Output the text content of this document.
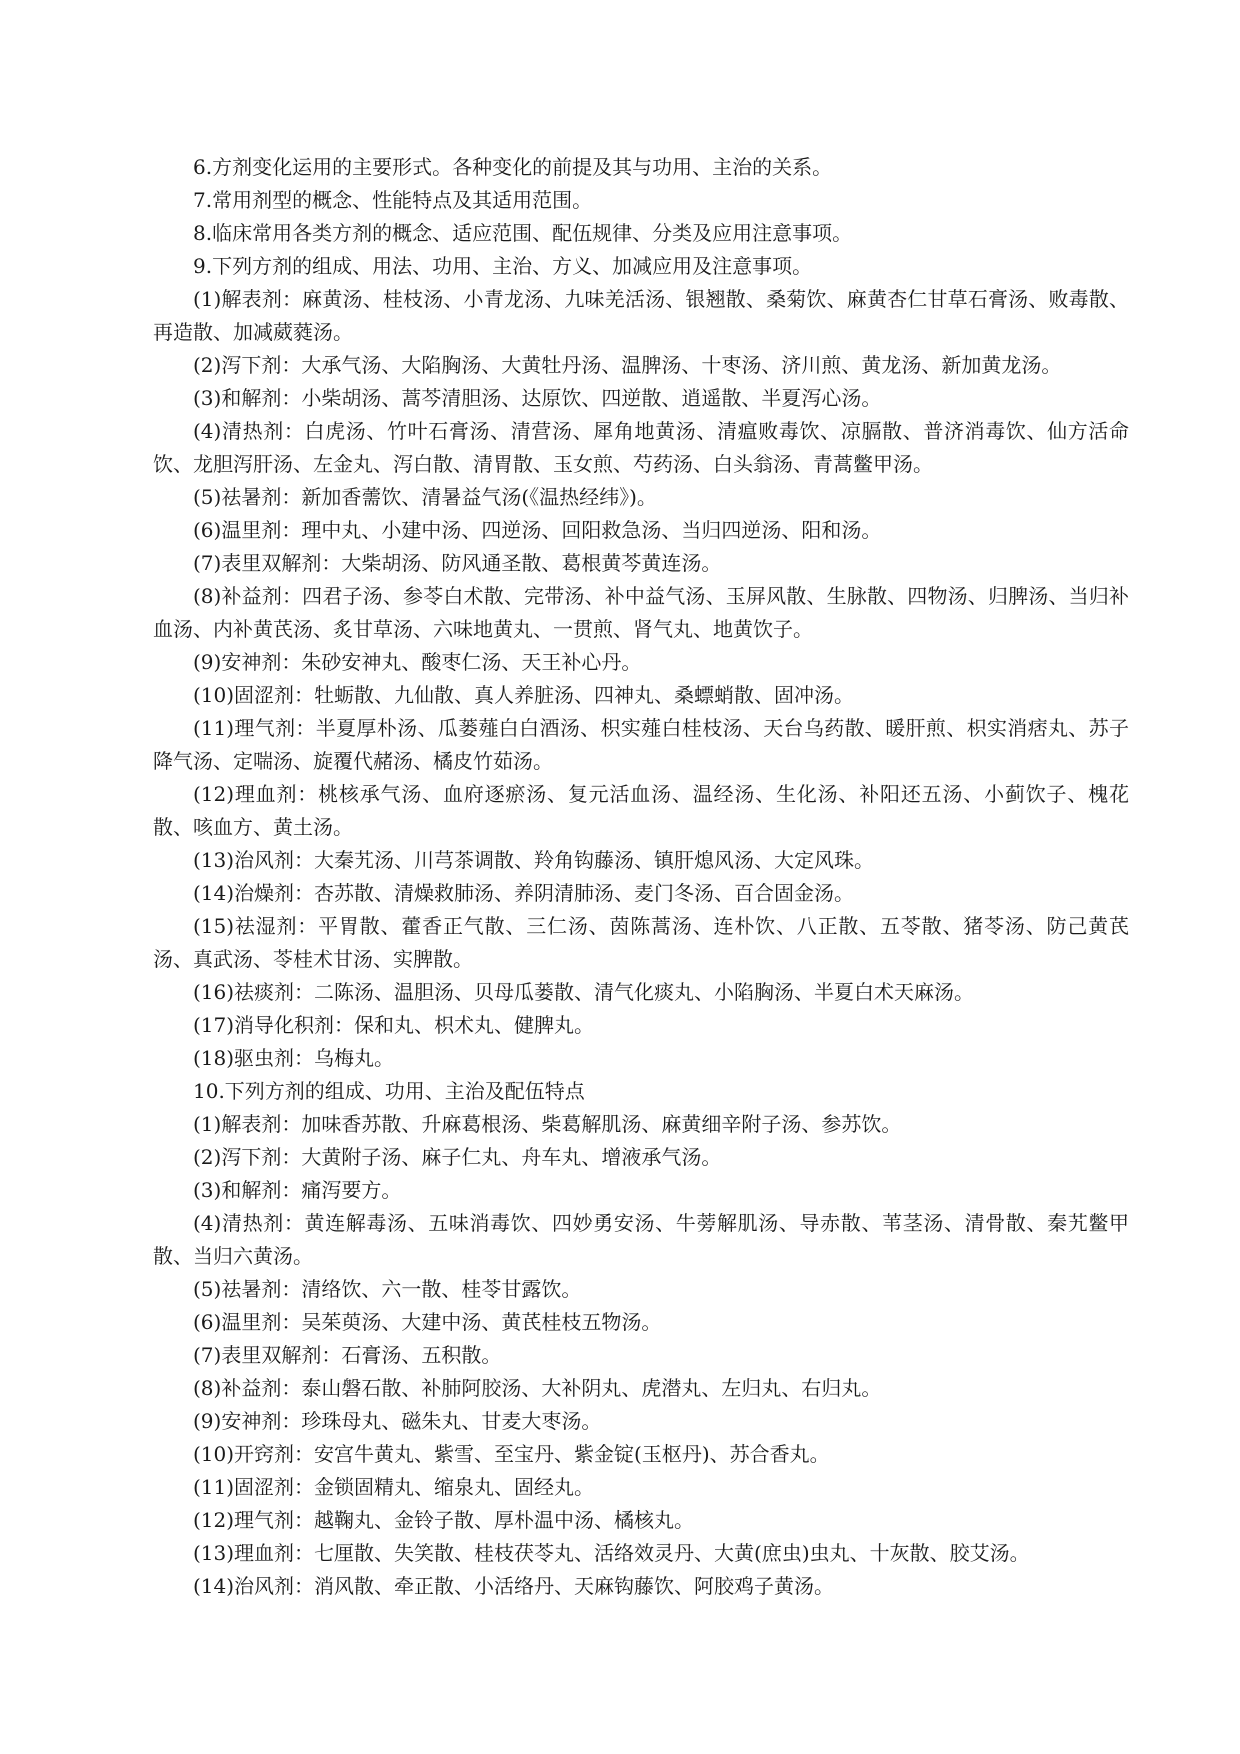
6.方剂变化运用的主要形式。各种变化的前提及其与功用、主治的关系。

7.常用剂型的概念、性能特点及其适用范围。

8.临床常用各类方剂的概念、适应范围、配伍规律、分类及应用注意事项。

9.下列方剂的组成、用法、功用、主治、方义、加减应用及注意事项。

(1)解表剂：麻黄汤、桂枝汤、小青龙汤、九味羌活汤、银翘散、桑菊饮、麻黄杏仁甘草石膏汤、败毒散、再造散、加减葳蕤汤。

(2)泻下剂：大承气汤、大陷胸汤、大黄牡丹汤、温脾汤、十枣汤、济川煎、黄龙汤、新加黄龙汤。

(3)和解剂：小柴胡汤、蒿芩清胆汤、达原饮、四逆散、逍遥散、半夏泻心汤。

(4)清热剂：白虎汤、竹叶石膏汤、清营汤、犀角地黄汤、清瘟败毒饮、凉膈散、普济消毒饮、仙方活命饮、龙胆泻肝汤、左金丸、泻白散、清胃散、玉女煎、芍药汤、白头翁汤、青蒿鳖甲汤。

(5)祛暑剂：新加香薷饮、清暑益气汤(《温热经纬》)。

(6)温里剂：理中丸、小建中汤、四逆汤、回阳救急汤、当归四逆汤、阳和汤。

(7)表里双解剂：大柴胡汤、防风通圣散、葛根黄芩黄连汤。

(8)补益剂：四君子汤、参苓白术散、完带汤、补中益气汤、玉屏风散、生脉散、四物汤、归脾汤、当归补血汤、内补黄芪汤、炙甘草汤、六味地黄丸、一贯煎、肾气丸、地黄饮子。

(9)安神剂：朱砂安神丸、酸枣仁汤、天王补心丹。

(10)固涩剂：牡蛎散、九仙散、真人养脏汤、四神丸、桑螵蛸散、固冲汤。

(11)理气剂：半夏厚朴汤、瓜蒌薤白白酒汤、枳实薤白桂枝汤、天台乌药散、暖肝煎、枳实消痞丸、苏子降气汤、定喘汤、旋覆代赭汤、橘皮竹茹汤。

(12)理血剂：桃核承气汤、血府逐瘀汤、复元活血汤、温经汤、生化汤、补阳还五汤、小蓟饮子、槐花散、咳血方、黄土汤。

(13)治风剂：大秦艽汤、川芎茶调散、羚角钩藤汤、镇肝熄风汤、大定风珠。

(14)治燥剂：杏苏散、清燥救肺汤、养阴清肺汤、麦门冬汤、百合固金汤。

(15)祛湿剂：平胃散、藿香正气散、三仁汤、茵陈蒿汤、连朴饮、八正散、五苓散、猪苓汤、防己黄芪汤、真武汤、苓桂术甘汤、实脾散。

(16)祛痰剂：二陈汤、温胆汤、贝母瓜蒌散、清气化痰丸、小陷胸汤、半夏白术天麻汤。

(17)消导化积剂：保和丸、枳术丸、健脾丸。

(18)驱虫剂：乌梅丸。

10.下列方剂的组成、功用、主治及配伍特点

(1)解表剂：加味香苏散、升麻葛根汤、柴葛解肌汤、麻黄细辛附子汤、参苏饮。

(2)泻下剂：大黄附子汤、麻子仁丸、舟车丸、增液承气汤。

(3)和解剂：痛泻要方。

(4)清热剂：黄连解毒汤、五味消毒饮、四妙勇安汤、牛蒡解肌汤、导赤散、苇茎汤、清骨散、秦艽鳖甲散、当归六黄汤。

(5)祛暑剂：清络饮、六一散、桂苓甘露饮。

(6)温里剂：吴茱萸汤、大建中汤、黄芪桂枝五物汤。

(7)表里双解剂：石膏汤、五积散。

(8)补益剂：泰山磐石散、补肺阿胶汤、大补阴丸、虎潜丸、左归丸、右归丸。

(9)安神剂：珍珠母丸、磁朱丸、甘麦大枣汤。

(10)开窍剂：安宫牛黄丸、紫雪、至宝丹、紫金锭(玉枢丹)、苏合香丸。

(11)固涩剂：金锁固精丸、缩泉丸、固经丸。

(12)理气剂：越鞠丸、金铃子散、厚朴温中汤、橘核丸。

(13)理血剂：七厘散、失笑散、桂枝茯苓丸、活络效灵丹、大黄(庶虫)虫丸、十灰散、胶艾汤。

(14)治风剂：消风散、牵正散、小活络丹、天麻钩藤饮、阿胶鸡子黄汤。
